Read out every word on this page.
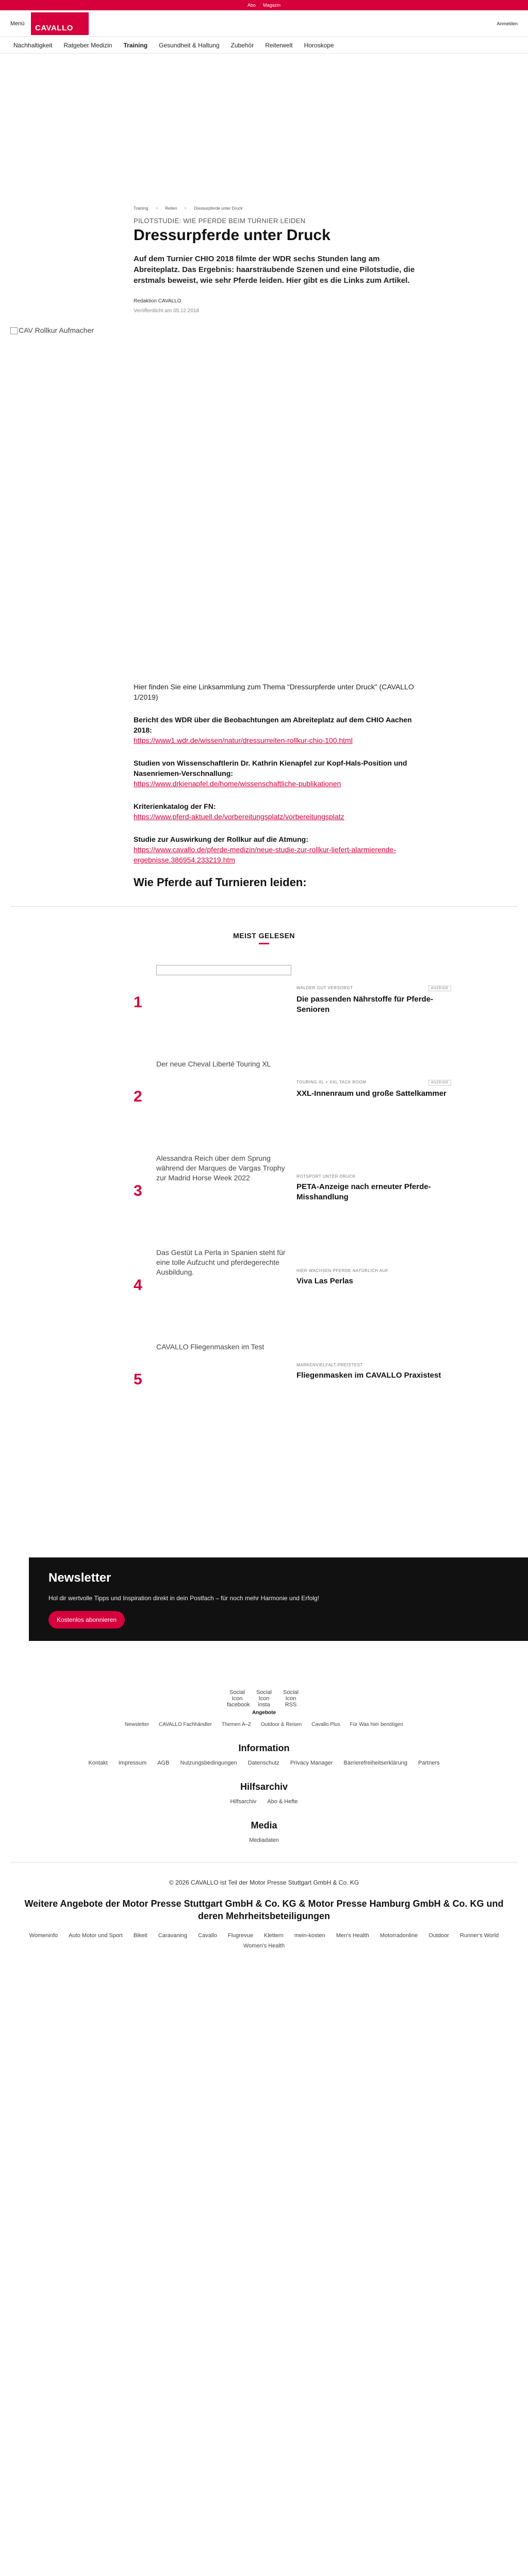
Abo Magazin
Menü
CAVALLO
Anmelden
Nachhaltigkeit Ratgeber Medizin Training Gesundheit & Haltung Zubehör Reiterwelt Horoskope
Training > Reiten > Dressurpferde unter Druck
PILOTSTUDIE: WIE PFERDE BEIM TURNIER LEIDEN
Dressurpferde unter Druck

Auf dem Turnier CHIO 2018 filmte der WDR sechs Stunden lang am Abreiteplatz. Das Ergebnis: haarsträubende Szenen und eine Pilotstudie, die erstmals beweist, wie sehr Pferde leiden. Hier gibt es die Links zum Artikel.

Redaktion CAVALLO
Veröffentlicht am 05.12.2018
CAV Rollkur Aufmacher

Hier finden Sie eine Linksammlung zum Thema "Dressurpferde unter Druck" (CAVALLO 1/2019)

Bericht des WDR über die Beobachtungen am Abreiteplatz auf dem CHIO Aachen 2018:
https://www1.wdr.de/wissen/natur/dressurreiten-rollkur-chio-100.html

Studien von Wissenschaftlerin Dr. Kathrin Kienapfel zur Kopf-Hals-Position und Nasenriemen-Verschnallung:
https://www.drkienapfel.de/home/wissenschaftliche-publikationen

Kriterienkatalog der FN:
https://www.pferd-aktuell.de/vorbereitungsplatz/vorbereitungsplatz

Studie zur Auswirkung der Rollkur auf die Atmung:
https://www.cavallo.de/pferde-medizin/neue-studie-zur-rollkur-liefert-alarmierende-ergebnisse.386954.233219.htm

Wie Pferde auf Turnieren leiden:
MEIST GELESEN
1
WALDER GUT VERSORGT	ANZEIGE
Die passenden Nährstoffe für Pferde-Senioren
2
Der neue Cheval Liberté Touring XL
TOURING XL + XXL TACK ROOM	ANZEIGE
XXL-Innenraum und große Sattelkammer
3
Alessandra Reich über dem Sprung während der Marques de Vargas Trophy zur Madrid Horse Week 2022	ROTSPORT UNTER DRUCK
PETA-Anzeige nach erneuter Pferde-Misshandlung
4
Das Gestüt La Perla in Spanien steht für eine tolle Aufzucht und pferdegerechte Ausbildung.	HIER WACHSEN PFERDE NATÜRLICH AUF
Viva Las Perlas
5
CAVALLO Fliegenmasken im Test
MARKENVIELFALT-PREISTEST
Fliegenmasken im CAVALLO Praxistest
Newsletter
Hol dir wertvolle Tipps und Inspiration direkt in dein Postfach – für noch mehr Harmonie und Erfolg!
Kostenlos abonnieren
Social Icon facebook
Social Icon insta
Social Icon RSS
Angebote
Newsletter CAVALLO Fachhändler Themen A–Z Outdoor & Reisen Cavallo Plus Für Was hier benötigen
Information
Kontakt Impressum AGB Nutzungsbedingungen Datenschutz Privacy Manager Barrierefreiheitserklärung Partners
Hilfsarchiv
Hilfsarchiv Abo & Hefte
Media
Mediadaten
© 2026 CAVALLO ist Teil der Motor Presse Stuttgart GmbH & Co. KG
Weitere Angebote der Motor Presse Stuttgart GmbH & Co. KG & Motor Presse Hamburg GmbH & Co. KG und deren Mehrheitsbeteiligungen
Womeninfo Auto Motor und Sport Bikeit Caravaning Cavallo Flugrevue Klettern mein-kosten Men's Health Motorradonline Outdoor Runner's World Women's Health
